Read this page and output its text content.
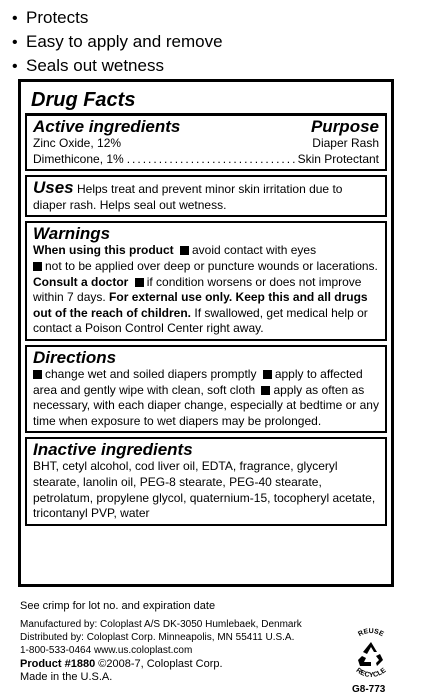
• Protects
• Easy to apply and remove
• Seals out wetness
Drug Facts
Active ingredients	Purpose
Zinc Oxide, 12%	Diaper Rash
Dimethicone, 1%
.....	Skin Protectant
Uses Helps treat and prevent minor skin irritation due to diaper rash. Helps seal out wetness.
Warnings
When using this product avoid contact with eyes
not to be applied over deep or puncture wounds or lacerations. Consult a doctor if condition worsens or does not improve within 7 days. For external use only. Keep this and all drugs out of the reach of children. If swallowed, get medical help or contact a Poison Control Center right away.
Directions
change wet and soiled diapers promptly apply to affected area and gently wipe with clean, soft cloth apply as often as necessary, with each diaper change, especially at bedtime or any time when exposure to wet diapers may be prolonged.
Inactive ingredients
BHT, cetyl alcohol, cod liver oil, EDTA, fragrance, glyceryl stearate, lanolin oil, PEG-8 stearate, PEG-40 stearate, petrolatum, propylene glycol, quaternium-15, tocopheryl acetate, tricontanyl PVP, water
See crimp for lot no. and expiration date
Manufactured by: Coloplast A/S DK-3050 Humlebaek, Denmark
Distributed by: Coloplast Corp. Minneapolis, MN 55411 U.S.A.
1-800-533-0464 www.us.coloplast.com
Product #1880 ©2008-7, Coloplast Corp.
Made in the U.S.A.
REUSE
RECYCLE
G8-773
